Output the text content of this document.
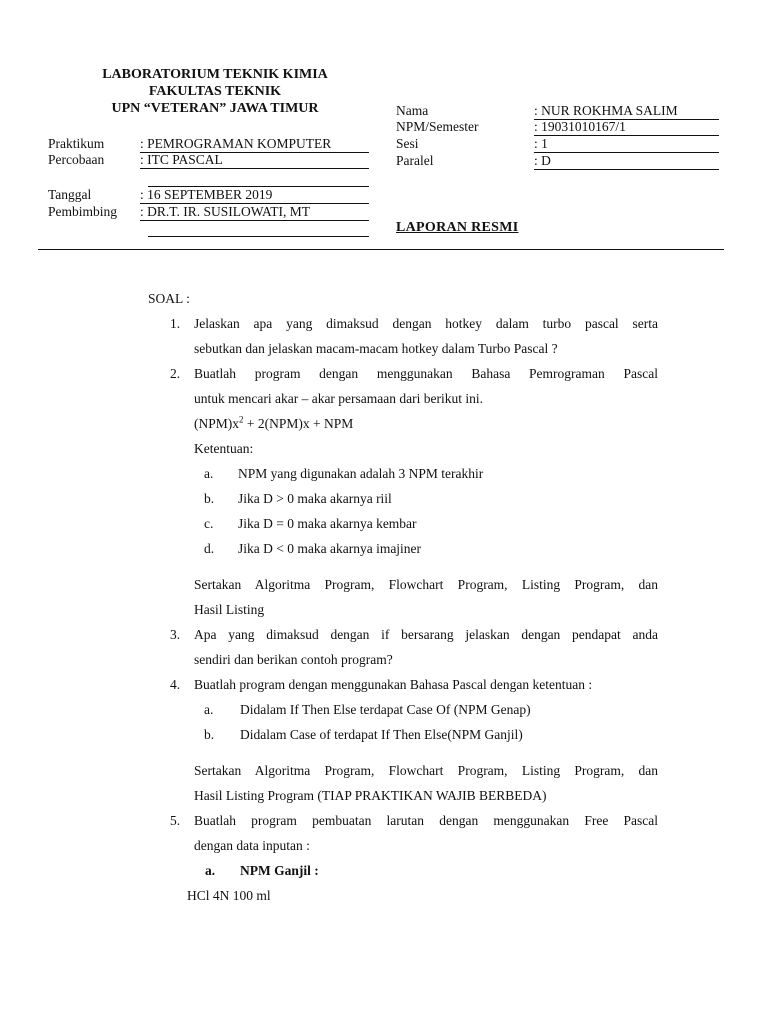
LABORATORIUM TEKNIK KIMIA
FAKULTAS TEKNIK
UPN “VETERAN” JAWA TIMUR	Nama	: NUR ROKHMA SALIM
NPM/Semester	: 19031010167/1
Sesi	: 1
Paralel	: D
Praktikum	: PEMROGRAMAN KOMPUTER
Percobaan	: ITC PASCAL
Tanggal	: 16 SEPTEMBER 2019
Pembimbing : DR.T. IR. SUSILOWATI, MT
LAPORAN RESMI
SOAL :
1. Jelaskan apa yang dimaksud dengan hotkey dalam turbo pascal serta
sebutkan dan jelaskan macam-macam hotkey dalam Turbo Pascal ?
2. Buatlah program dengan menggunakan Bahasa Pemrograman Pascal
untuk mencari akar – akar persamaan dari berikut ini.
$(NPM)x^2 + 2(NPM)x$ + NPM
Ketentuan:
a. NPM yang digunakan adalah 3 NPM terakhir
b. Jika D > 0 maka akarnya riil
c. Jika D = 0 maka akarnya kembar
d. Jika D < 0 maka akarnya imajiner
Sertakan Algoritma Program, Flowchart Program, Listing Program, dan
Hasil Listing
3. Apa yang dimaksud dengan if bersarang jelaskan dengan pendapat anda
sendiri dan berikan contoh program?
4. Buatlah program dengan menggunakan Bahasa Pascal dengan ketentuan :
a. Didalam If Then Else terdapat Case Of (NPM Genap)
b. Didalam Case of terdapat If Then Else(NPM Ganjil)
Sertakan Algoritma Program, Flowchart Program, Listing Program, dan
Hasil Listing Program (TIAP PRAKTIKAN WAJIB BERBEDA)
5. Buatlah program pembuatan larutan dengan menggunakan Free Pascal
dengan data inputan :
a. NPM Ganjil :
HCl 4N 100 ml
